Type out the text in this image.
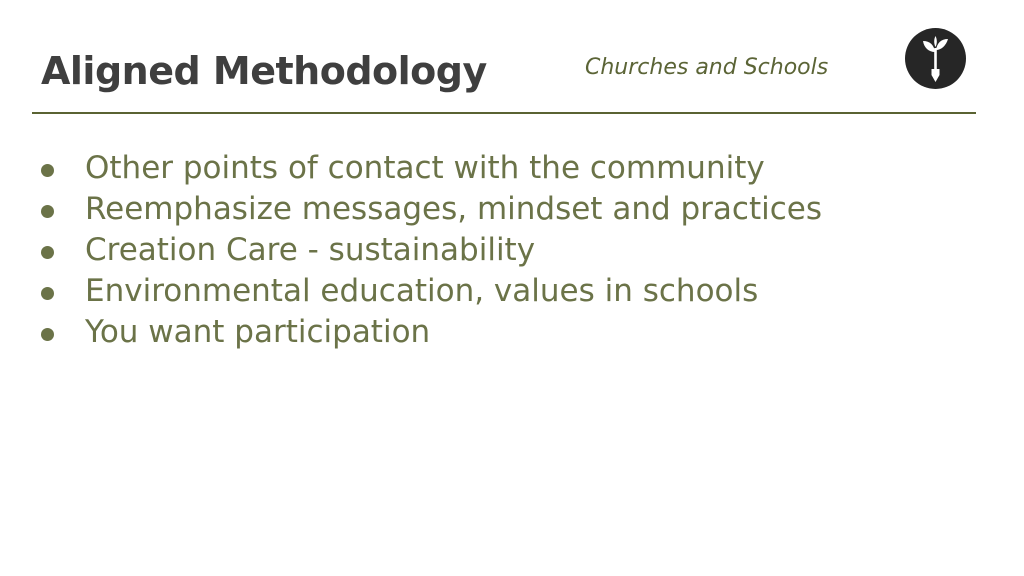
Aligned Methodology	Churches and Schools
Other points of contact with the community
Reemphasize messages, mindset and practices
Creation Care - sustainability
Environmental education, values in schools
You want participation
